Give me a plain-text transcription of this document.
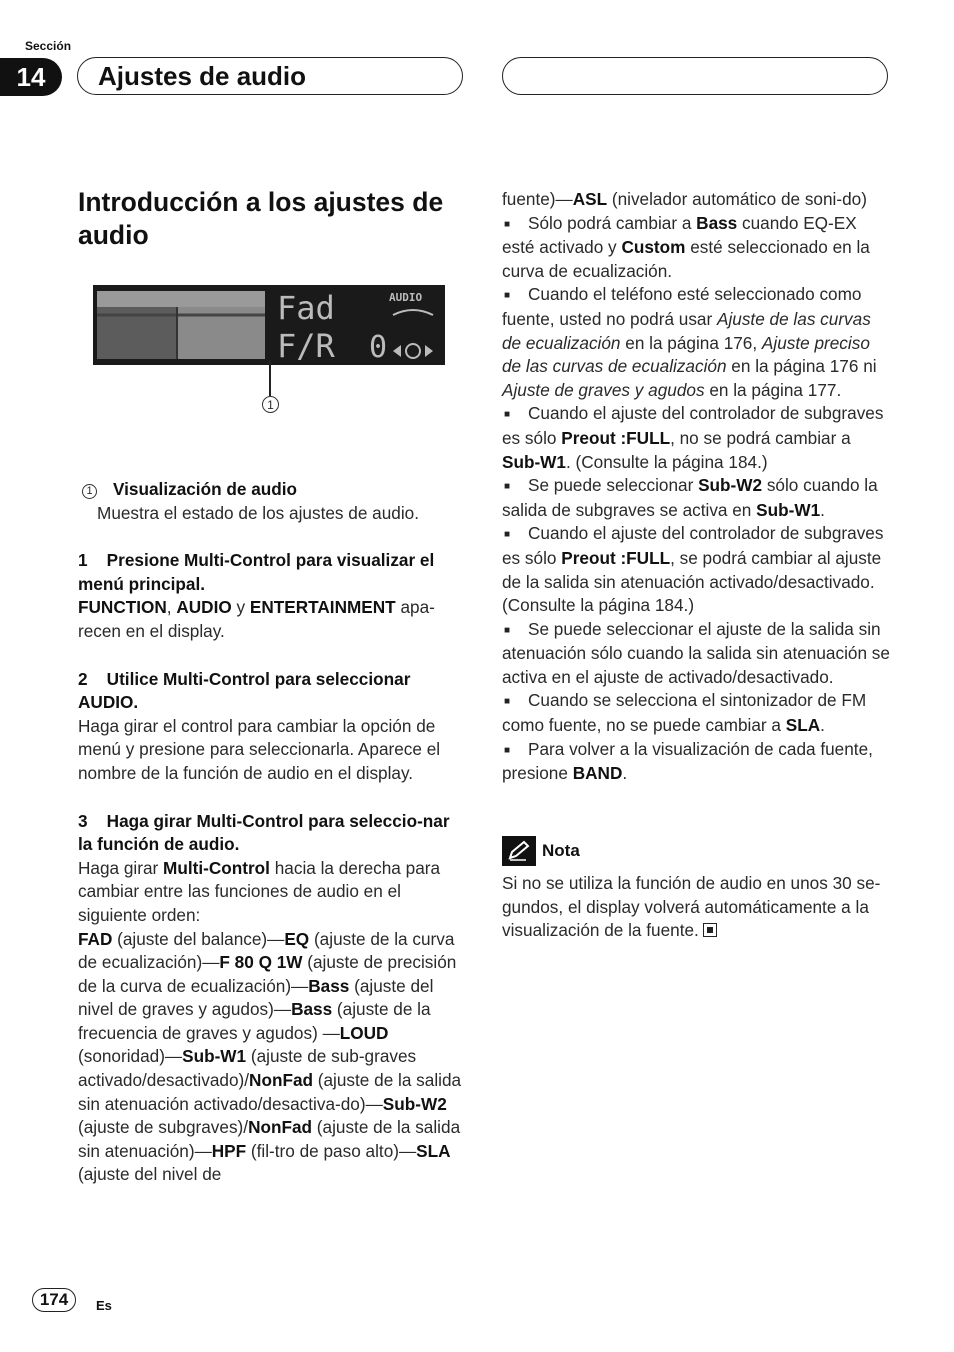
Sección
14	Ajustes de audio
Introducción a los ajustes de audio
Fad
F/R
AUDIO
0
1

1 Visualización de audio

Muestra el estado de los ajustes de audio.

1 Presione Multi-Control para visualizar el menú principal.

FUNCTION, AUDIO y ENTERTAINMENT apa-recen en el display.

2 Utilice Multi-Control para seleccionar AUDIO.

Haga girar el control para cambiar la opción de menú y presione para seleccionarla. Aparece el nombre de la función de audio en el display.

3 Haga girar Multi-Control para seleccio-nar la función de audio.

Haga girar Multi-Control hacia la derecha para cambiar entre las funciones de audio en el siguiente orden:

FAD (ajuste del balance)—EQ (ajuste de la curva de ecualización)—F 80 Q 1W (ajuste de precisión de la curva de ecualización)—Bass (ajuste del nivel de graves y agudos)—Bass (ajuste de la frecuencia de graves y agudos) —LOUD (sonoridad)—Sub-W1 (ajuste de sub-graves activado/desactivado)/NonFad (ajuste de la salida sin atenuación activado/desactiva-do)—Sub-W2 (ajuste de subgraves)/NonFad (ajuste de la salida sin atenuación)—HPF (fil-tro de paso alto)—SLA (ajuste del nivel de

fuente)—ASL (nivelador automático de soni-do)

■ Sólo podrá cambiar a Bass cuando EQ-EX esté activado y Custom esté seleccionado en la curva de ecualización.

■ Cuando el teléfono esté seleccionado como fuente, usted no podrá usar Ajuste de las curvas de ecualización en la página 176, Ajuste preciso de las curvas de ecualización en la página 176 ni Ajuste de graves y agudos en la página 177.

■ Cuando el ajuste del controlador de subgraves es sólo Preout :FULL, no se podrá cambiar a Sub-W1. (Consulte la página 184.)

■ Se puede seleccionar Sub-W2 sólo cuando la salida de subgraves se activa en Sub-W1.

■ Cuando el ajuste del controlador de subgraves es sólo Preout :FULL, se podrá cambiar al ajuste de la salida sin atenuación activado/desactivado. (Consulte la página 184.)

■ Se puede seleccionar el ajuste de la salida sin atenuación sólo cuando la salida sin atenuación se activa en el ajuste de activado/desactivado.

■ Cuando se selecciona el sintonizador de FM como fuente, no se puede cambiar a SLA.

■ Para volver a la visualización de cada fuente, presione BAND.

Nota

Si no se utiliza la función de audio en unos 30 se-gundos, el display volverá automáticamente a la visualización de la fuente.

174	Es
